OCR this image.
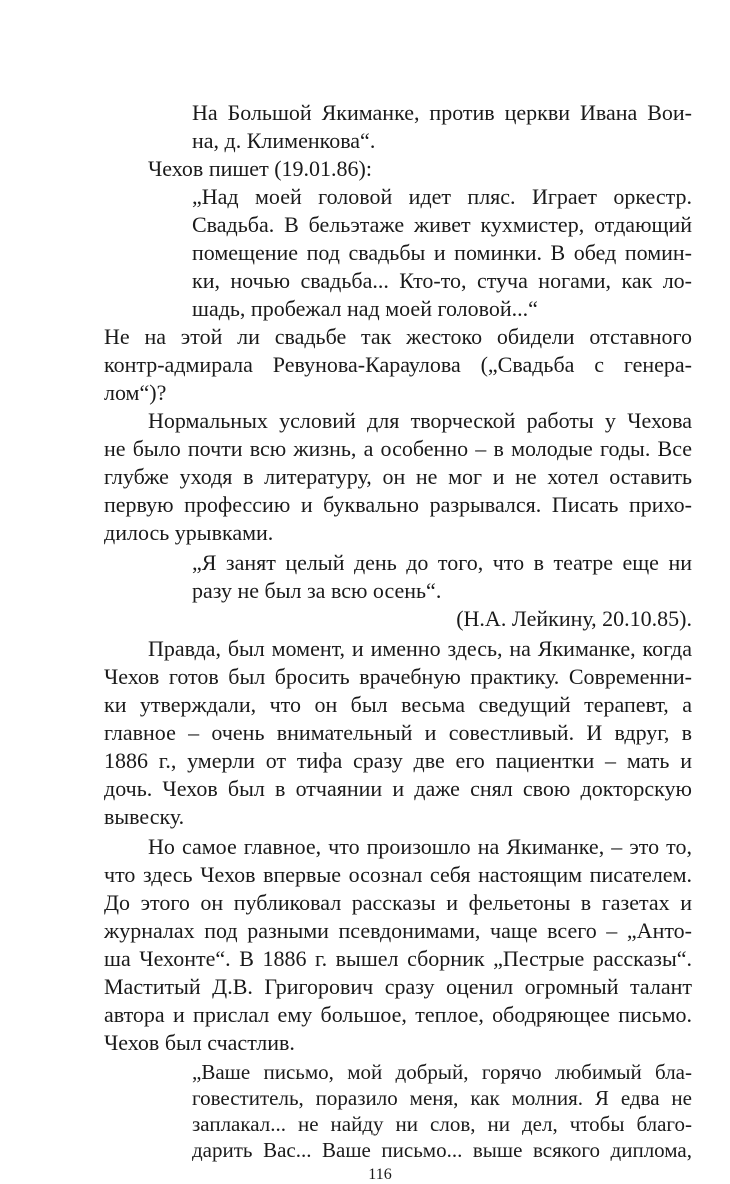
На Большой Якиманке, против церкви Ивана Вои-

на, д. Клименкова“.

Чехов пишет (19.01.86):

„Над моей головой идет пляс. Играет оркестр.

Свадьба. В бельэтаже живет кухмистер, отдающий

помещение под свадьбы и поминки. В обед помин-

ки, ночью свадьба... Кто-то, стуча ногами, как ло-

шадь, пробежал над моей головой...“

Не на этой ли свадьбе так жестоко обидели отставного

контр-адмирала Ревунова-Караулова („Свадьба с генера-

лом“)?

Нормальных условий для творческой работы у Чехова

не было почти всю жизнь, а особенно – в молодые годы. Все

глубже уходя в литературу, он не мог и не хотел оставить

первую профессию и буквально разрывался. Писать прихо-

дилось урывками.

„Я занят целый день до того, что в театре еще ни

разу не был за всю осень“.

(Н.А. Лейкину, 20.10.85).

Правда, был момент, и именно здесь, на Якиманке, когда

Чехов готов был бросить врачебную практику. Современни-

ки утверждали, что он был весьма сведущий терапевт, а

главное – очень внимательный и совестливый. И вдруг, в

1886 г., умерли от тифа сразу две его пациентки – мать и

дочь. Чехов был в отчаянии и даже снял свою докторскую

вывеску.

Но самое главное, что произошло на Якиманке, – это то,

что здесь Чехов впервые осознал себя настоящим писателем.

До этого он публиковал рассказы и фельетоны в газетах и

журналах под разными псевдонимами, чаще всего – „Анто-

ша Чехонте“. В 1886 г. вышел сборник „Пестрые рассказы“.

Маститый Д.В. Григорович сразу оценил огромный талант

автора и прислал ему большое, теплое, ободряющее письмо.

Чехов был счастлив.

116

„Ваше письмо, мой добрый, горячо любимый бла-

говеститель, поразило меня, как молния. Я едва не

заплакал... не найду ни слов, ни дел, чтобы благо-

дарить Вас... Ваше письмо... выше всякого диплома,
